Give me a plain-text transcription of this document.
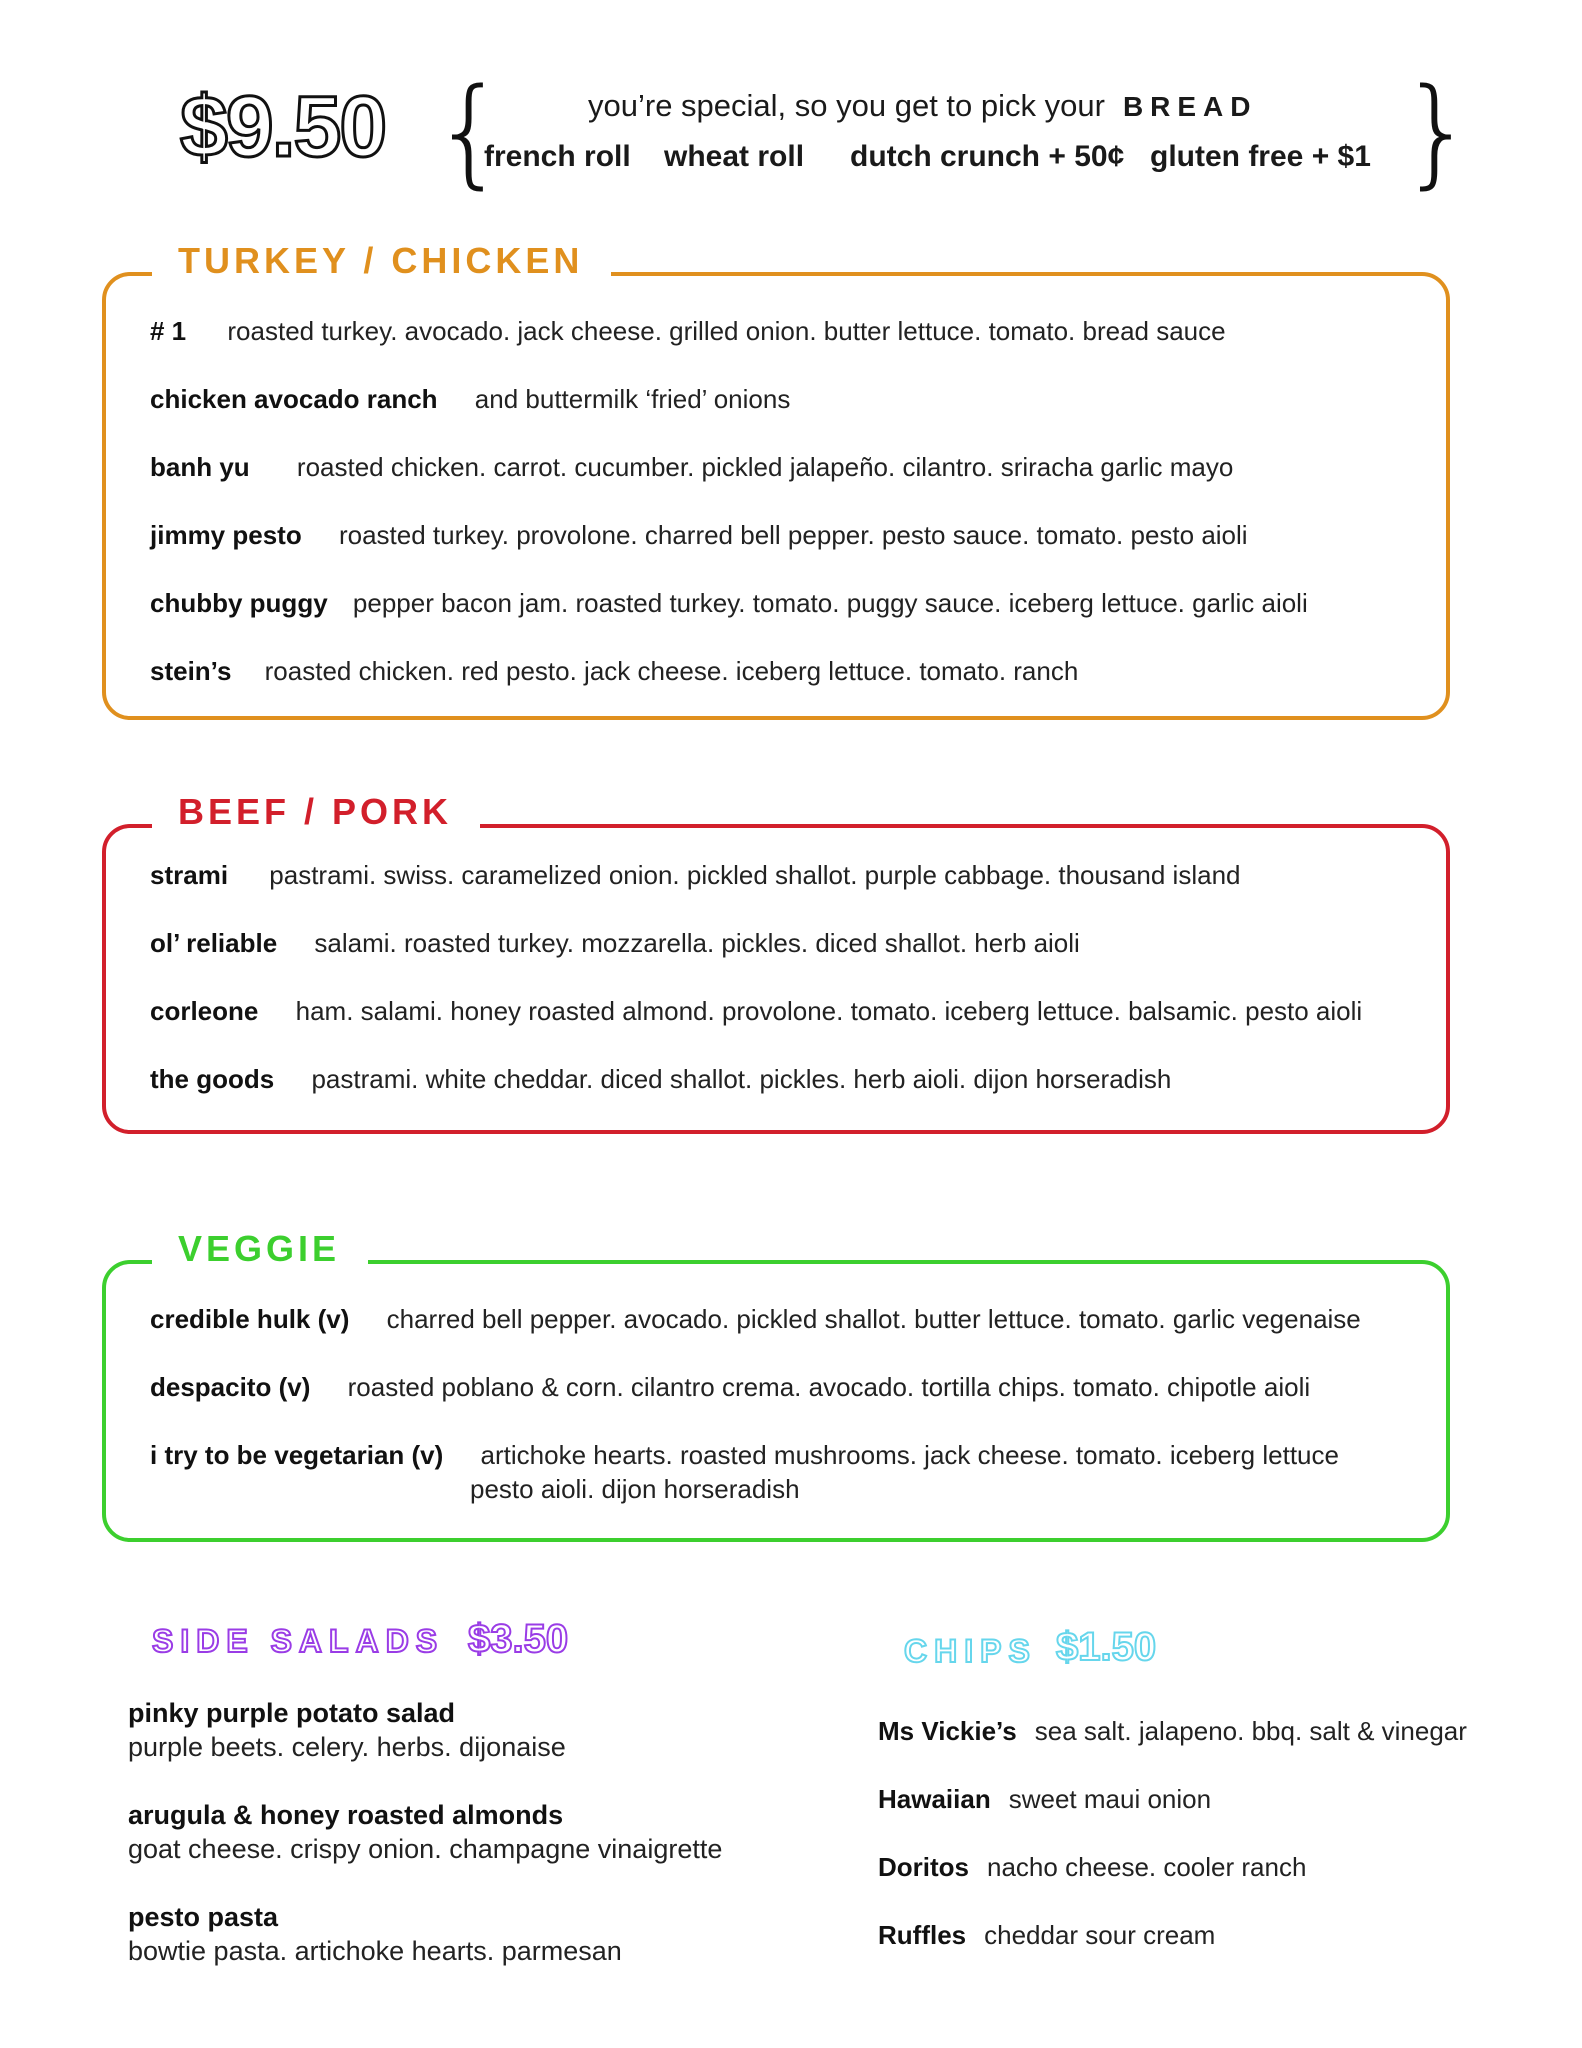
$9.50 {	}
you’re special, so you get to pick your BREAD
french roll wheat roll dutch crunch + 50¢ gluten free + $1
TURKEY / CHICKEN
# 1 roasted turkey. avocado. jack cheese. grilled onion. butter lettuce. tomato. bread sauce
chicken avocado ranch and buttermilk ‘fried’ onions
banh yu roasted chicken. carrot. cucumber. pickled jalapeño. cilantro. sriracha garlic mayo
jimmy pesto roasted turkey. provolone. charred bell pepper. pesto sauce. tomato. pesto aioli
chubby puggy pepper bacon jam. roasted turkey. tomato. puggy sauce. iceberg lettuce. garlic aioli
stein’s roasted chicken. red pesto. jack cheese. iceberg lettuce. tomato. ranch
BEEF / PORK
strami pastrami. swiss. caramelized onion. pickled shallot. purple cabbage. thousand island
ol’ reliable salami. roasted turkey. mozzarella. pickles. diced shallot. herb aioli
corleone ham. salami. honey roasted almond. provolone. tomato. iceberg lettuce. balsamic. pesto aioli
the goods pastrami. white cheddar. diced shallot. pickles. herb aioli. dijon horseradish
VEGGIE
credible hulk (v) charred bell pepper. avocado. pickled shallot. butter lettuce. tomato. garlic vegenaise
despacito (v) roasted poblano & corn. cilantro crema. avocado. tortilla chips. tomato. chipotle aioli
i try to be vegetarian (v) artichoke hearts. roasted mushrooms. jack cheese. tomato. iceberg lettuce
pesto aioli. dijon horseradish
SIDE SALADS $3.50
pinky purple potato salad
purple beets. celery. herbs. dijonaise
arugula & honey roasted almonds
goat cheese. crispy onion. champagne vinaigrette
pesto pasta
bowtie pasta. artichoke hearts. parmesan
CHIPS $1.50
Ms Vickie’s sea salt. jalapeno. bbq. salt & vinegar
Hawaiian sweet maui onion
Doritos nacho cheese. cooler ranch
Ruffles cheddar sour cream
